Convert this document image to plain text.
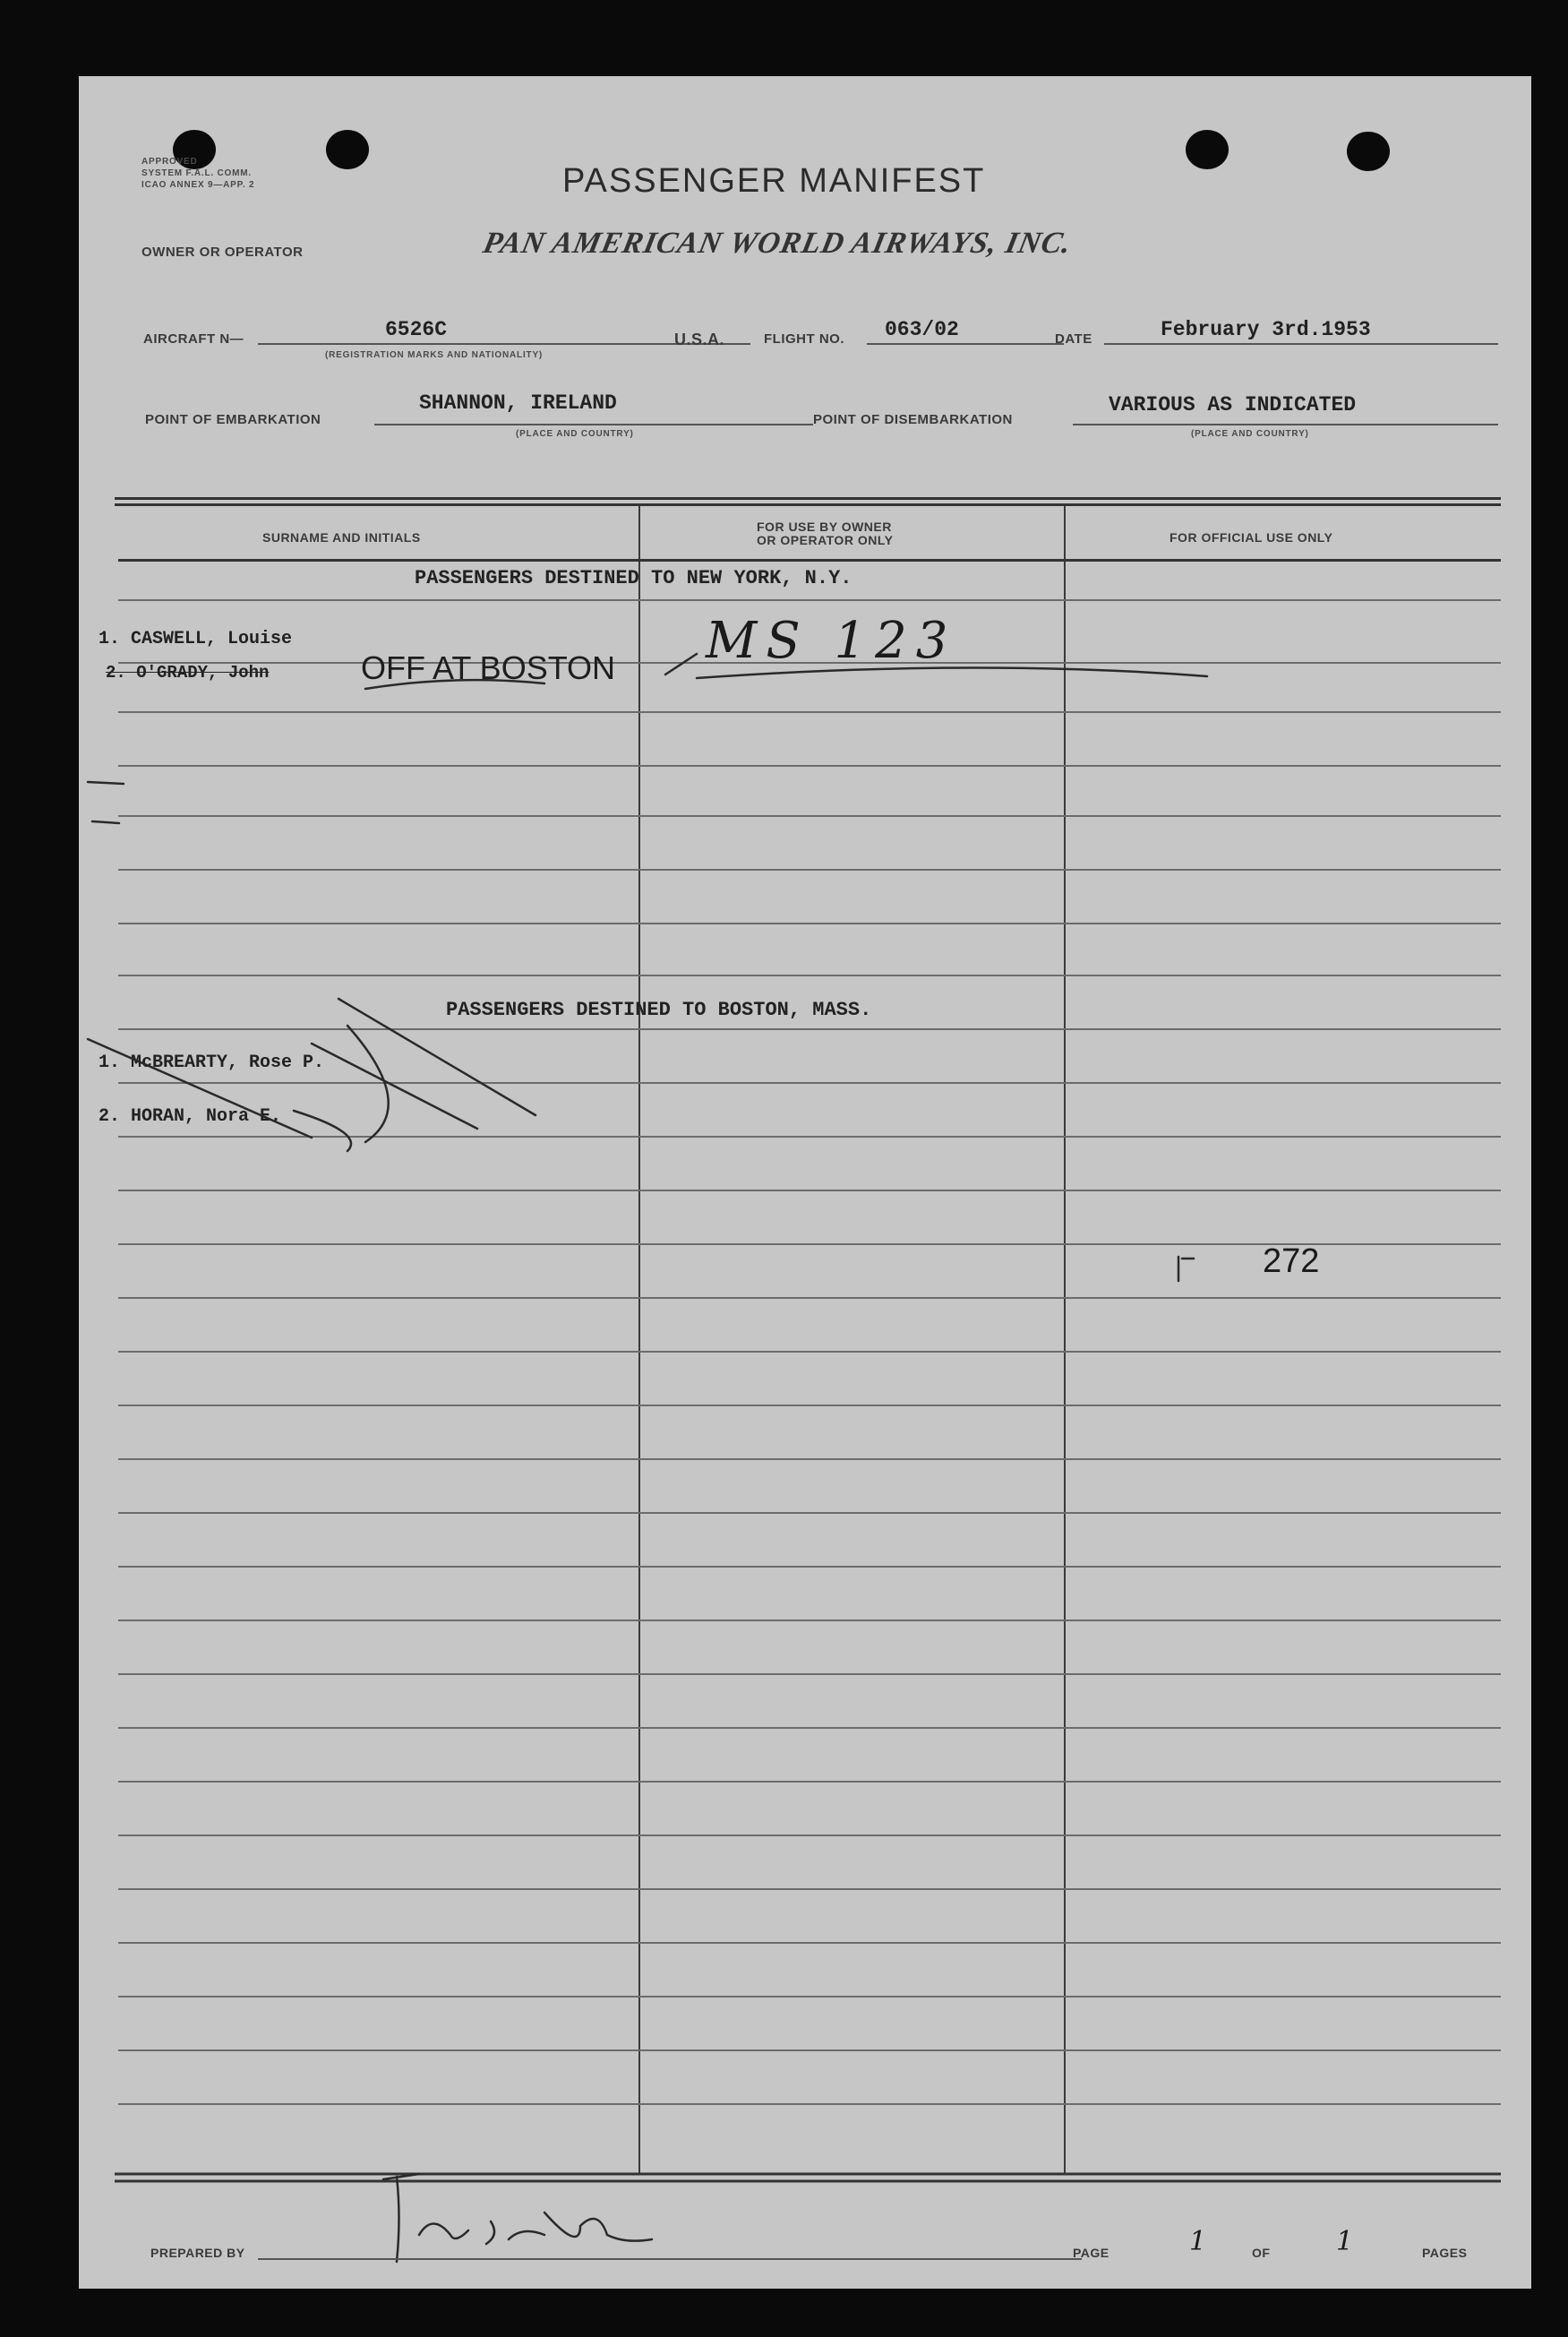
APPROVED
SYSTEM F.A.L. COMM.
ICAO ANNEX 9—APP. 2	PASSENGER MANIFEST
OWNER OR OPERATOR	PAN AMERICAN WORLD AIRWAYS, INC.
AIRCRAFT N—	6526C
(REGISTRATION MARKS AND NATIONALITY)
U.S.A.	FLIGHT NO. 063/02	DATE	February 3rd.1953
POINT OF EMBARKATION
SHANNON, IRELAND
(PLACE AND COUNTRY)
POINT OF DISEMBARKATION
VARIOUS AS INDICATED
(PLACE AND COUNTRY)
SURNAME AND INITIALS
FOR USE BY OWNER
OR OPERATOR ONLY	FOR OFFICIAL USE ONLY
PASSENGERS DESTINED TO NEW YORK, N.Y.
1. CASWELL, Louise
2. O'GRADY, John	OFF AT BOSTON MS 123
PASSENGERS DESTINED TO BOSTON, MASS.
1. McBREARTY, Rose P.
2. HORAN, Nora E.
272
PREPARED BY	PAGE	1	OF 1	PAGES
